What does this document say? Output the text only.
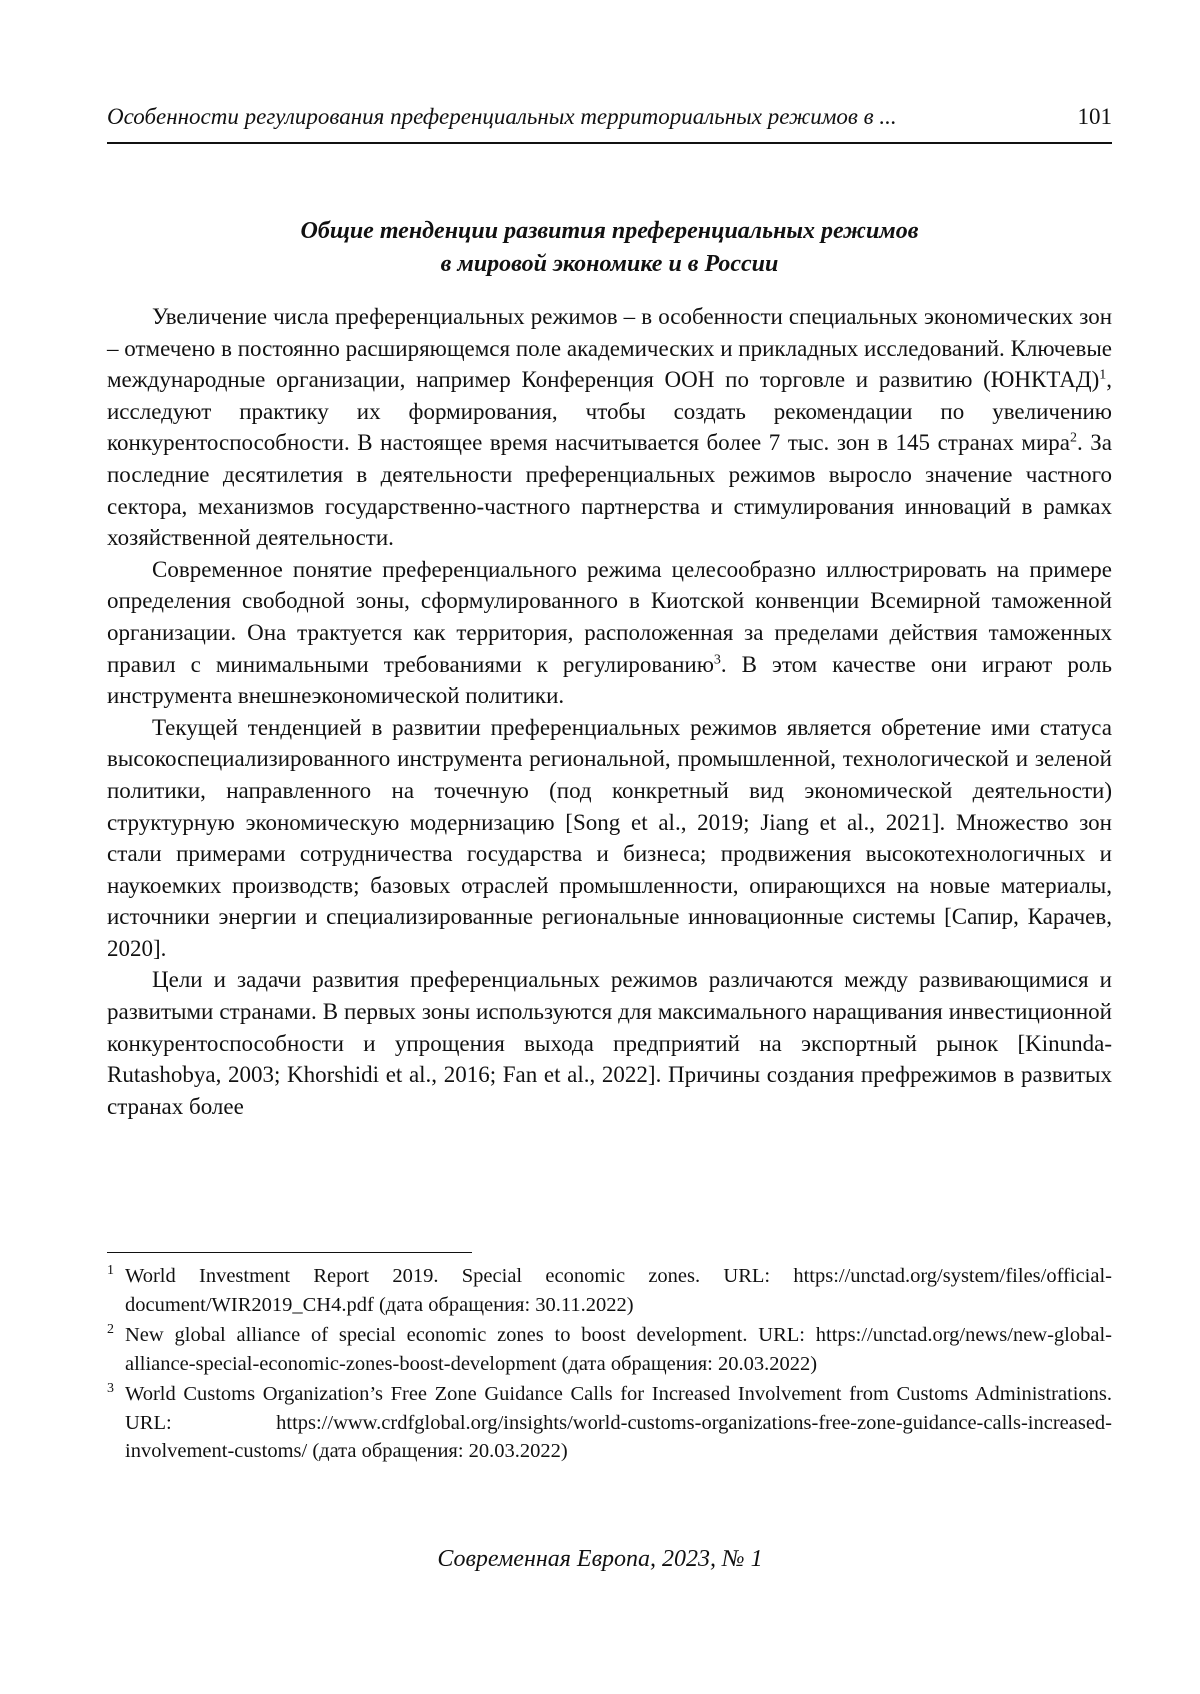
Особенности регулирования преференциальных территориальных режимов в ...	101
Общие тенденции развития преференциальных режимов
в мировой экономике и в России

Увеличение числа преференциальных режимов – в особенности специальных экономических зон – отмечено в постоянно расширяющемся поле академических и прикладных исследований. Ключевые международные организации, например Конференция ООН по торговле и развитию (ЮНКТАД)$^1$, исследуют практику их формирования, чтобы создать рекомендации по увеличению конкурентоспособности. В настоящее время насчитывается более 7 тыс. зон в 145 странах мира$^2$. За последние десятилетия в деятельности преференциальных режимов выросло значение частного сектора, механизмов государственно-частного партнерства и стимулирования инноваций в рамках хозяйственной деятельности.

Современное понятие преференциального режима целесообразно иллюстрировать на примере определения свободной зоны, сформулированного в Киотской конвенции Всемирной таможенной организации. Она трактуется как территория, расположенная за пределами действия таможенных правил с минимальными требованиями к регулированию$^3$. В этом качестве они играют роль инструмента внешнеэкономической политики.

Текущей тенденцией в развитии преференциальных режимов является обретение ими статуса высокоспециализированного инструмента региональной, промышленной, технологической и зеленой политики, направленного на точечную (под конкретный вид экономической деятельности) структурную экономическую модернизацию [Song et al., 2019; Jiang et al., 2021]. Множество зон стали примерами сотрудничества государства и бизнеса; продвижения высокотехнологичных и наукоемких производств; базовых отраслей промышленности, опирающихся на новые материалы, источники энергии и специализированные региональные инновационные системы [Сапир, Карачев, 2020].

Цели и задачи развития преференциальных режимов различаются между развивающимися и развитыми странами. В первых зоны используются для максимального наращивания инвестиционной конкурентоспособности и упрощения выхода предприятий на экспортный рынок [Kinunda-Rutashobya, 2003; Khorshidi et al., 2016; Fan et al., 2022]. Причины создания префрежимов в развитых странах более

1 World Investment Report 2019. Special economic zones. URL: https://unctad.org/system/files/official-document/WIR2019_CH4.pdf (дата обращения: 30.11.2022)
2 New global alliance of special economic zones to boost development. URL: https://unctad.org/news/new-global-alliance-special-economic-zones-boost-development (дата обращения: 20.03.2022)
3 World Customs Organization’s Free Zone Guidance Calls for Increased Involvement from Customs Administrations. URL: https://www.crdfglobal.org/insights/world-customs-organizations-free-zone-guidance-calls-increased-involvement-customs/ (дата обращения: 20.03.2022)
Современная Европа, 2023, № 1
